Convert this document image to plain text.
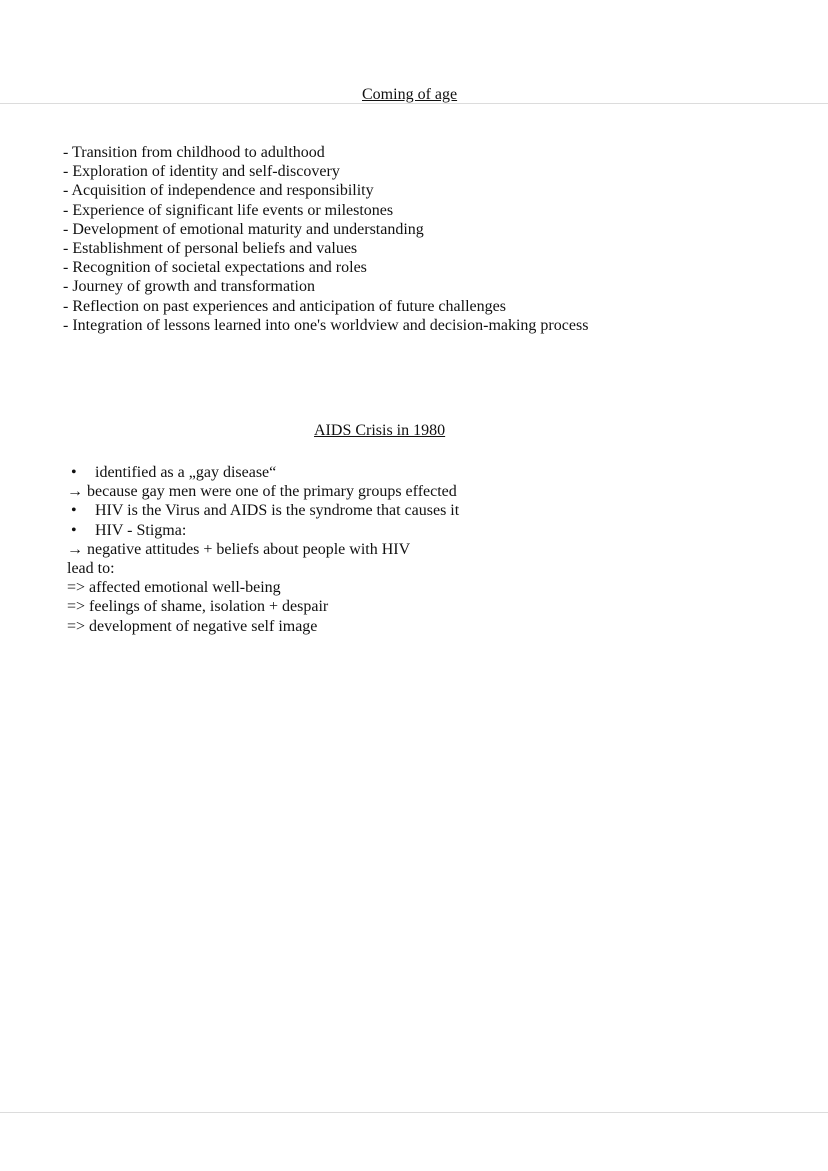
Coming of age
- Transition from childhood to adulthood
- Exploration of identity and self-discovery
- Acquisition of independence and responsibility
- Experience of significant life events or milestones
- Development of emotional maturity and understanding
- Establishment of personal beliefs and values
- Recognition of societal expectations and roles
- Journey of growth and transformation
- Reflection on past experiences and anticipation of future challenges
- Integration of lessons learned into one's worldview and decision-making process
AIDS Crisis in 1980
• identified as a „gay disease“
→ because gay men were one of the primary groups effected
• HIV is the Virus and AIDS is the syndrome that causes it
• HIV - Stigma:
→ negative attitudes + beliefs about people with HIV
lead to:
=> affected emotional well-being
=> feelings of shame, isolation + despair
=> development of negative self image
